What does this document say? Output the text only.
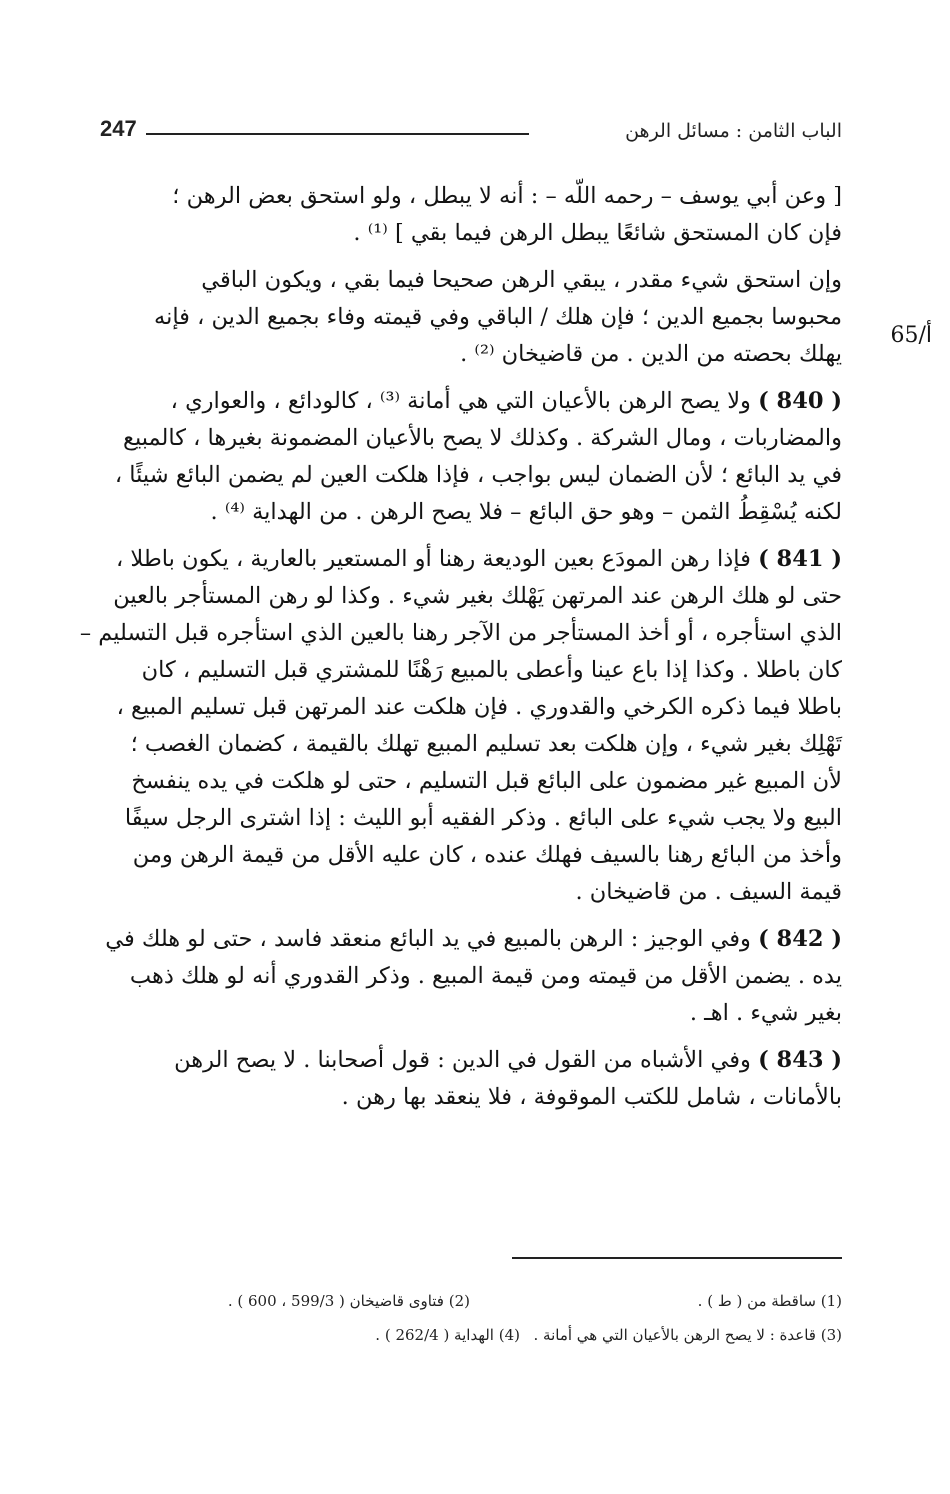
247	الباب الثامن : مسائل الرهن
65/أ
[ وعن أبي يوسف – رحمه اللّه – : أنه لا يبطل ، ولو استحق بعض الرهن ؛
فإن كان المستحق شائعًا يبطل الرهن فيما بقي ] ⁽¹⁾ .
وإن استحق شيء مقدر ، يبقي الرهن صحيحا فيما بقي ، ويكون الباقي
محبوسا بجميع الدين ؛ فإن هلك / الباقي وفي قيمته وفاء بجميع الدين ، فإنه
يهلك بحصته من الدين . من قاضيخان ⁽²⁾ .
( 840 ) ولا يصح الرهن بالأعيان التي هي أمانة ⁽³⁾ ، كالودائع ، والعواري ،
والمضاربات ، ومال الشركة . وكذلك لا يصح بالأعيان المضمونة بغيرها ، كالمبيع
في يد البائع ؛ لأن الضمان ليس بواجب ، فإذا هلكت العين لم يضمن البائع شيئًا ،
لكنه يُسْقِطُ الثمن – وهو حق البائع – فلا يصح الرهن . من الهداية ⁽⁴⁾ .
( 841 ) فإذا رهن المودَع بعين الوديعة رهنا أو المستعير بالعارية ، يكون باطلا ،
حتى لو هلك الرهن عند المرتهن يَهْلك بغير شيء . وكذا لو رهن المستأجر بالعين
الذي استأجره ، أو أخذ المستأجر من الآجر رهنا بالعين الذي استأجره قبل التسليم –
كان باطلا . وكذا إذا باع عينا وأعطى بالمبيع رَهْنًا للمشتري قبل التسليم ، كان
باطلا فيما ذكره الكرخي والقدوري . فإن هلكت عند المرتهن قبل تسليم المبيع ،
تَهْلِك بغير شيء ، وإن هلكت بعد تسليم المبيع تهلك بالقيمة ، كضمان الغصب ؛
لأن المبيع غير مضمون على البائع قبل التسليم ، حتى لو هلكت في يده ينفسخ
البيع ولا يجب شيء على البائع . وذكر الفقيه أبو الليث : إذا اشترى الرجل سيفًا
وأخذ من البائع رهنا بالسيف فهلك عنده ، كان عليه الأقل من قيمة الرهن ومن
قيمة السيف . من قاضيخان .
( 842 ) وفي الوجيز : الرهن بالمبيع في يد البائع منعقد فاسد ، حتى لو هلك في
يده . يضمن الأقل من قيمته ومن قيمة المبيع . وذكر القدوري أنه لو هلك ذهب
بغير شيء . اهـ .
( 843 ) وفي الأشباه من القول في الدين : قول أصحابنا . لا يصح الرهن
بالأمانات ، شامل للكتب الموقوفة ، فلا ينعقد بها رهن .
(1) ساقطة من ( ط ) .
(2) فتاوى قاضيخان ( 599/3 ، 600 ) .
(3) قاعدة : لا يصح الرهن بالأعيان التي هي أمانة .
(4) الهداية ( 262/4 ) .
